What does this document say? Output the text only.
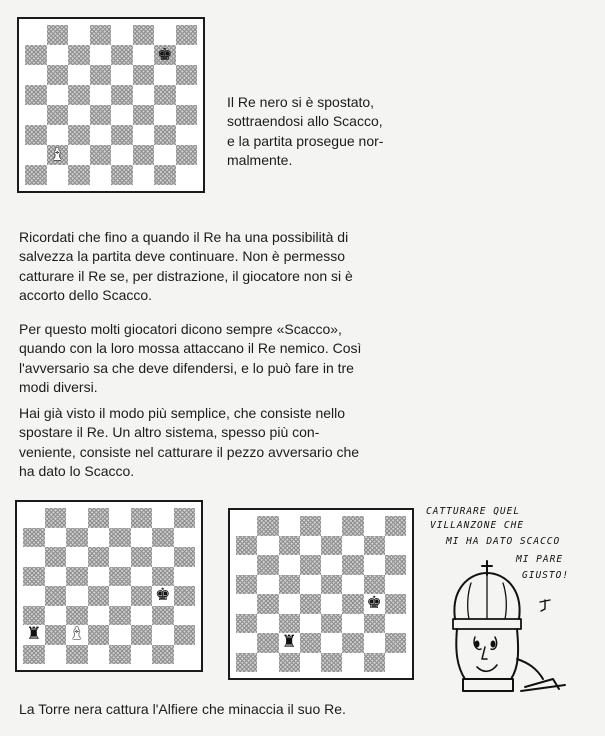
♚
♝

Il Re nero si è spostato,
sottraendosi allo Scacco,
e la partita prosegue nor-
malmente.

Ricordati che fino a quando il Re ha una possibilità di
salvezza la partita deve continuare. Non è permesso
catturare il Re se, per distrazione, il giocatore non si è
accorto dello Scacco.

Per questo molti giocatori dicono sempre «Scacco»,
quando con la loro mossa attaccano il Re nemico. Così
l'avversario sa che deve difendersi, e lo può fare in tre
modi diversi.

Hai già visto il modo più semplice, che consiste nello
spostare il Re. Un altro sistema, spesso più con-
veniente, consiste nel catturare il pezzo avversario che
ha dato lo Scacco.

♚
♜ ♝
♚
♜
CATTURARE QUEL
VILLANZONE CHE
MI HA DATO SCACCO
MI PARE
GIUSTO!

La Torre nera cattura l'Alfiere che minaccia il suo Re.
